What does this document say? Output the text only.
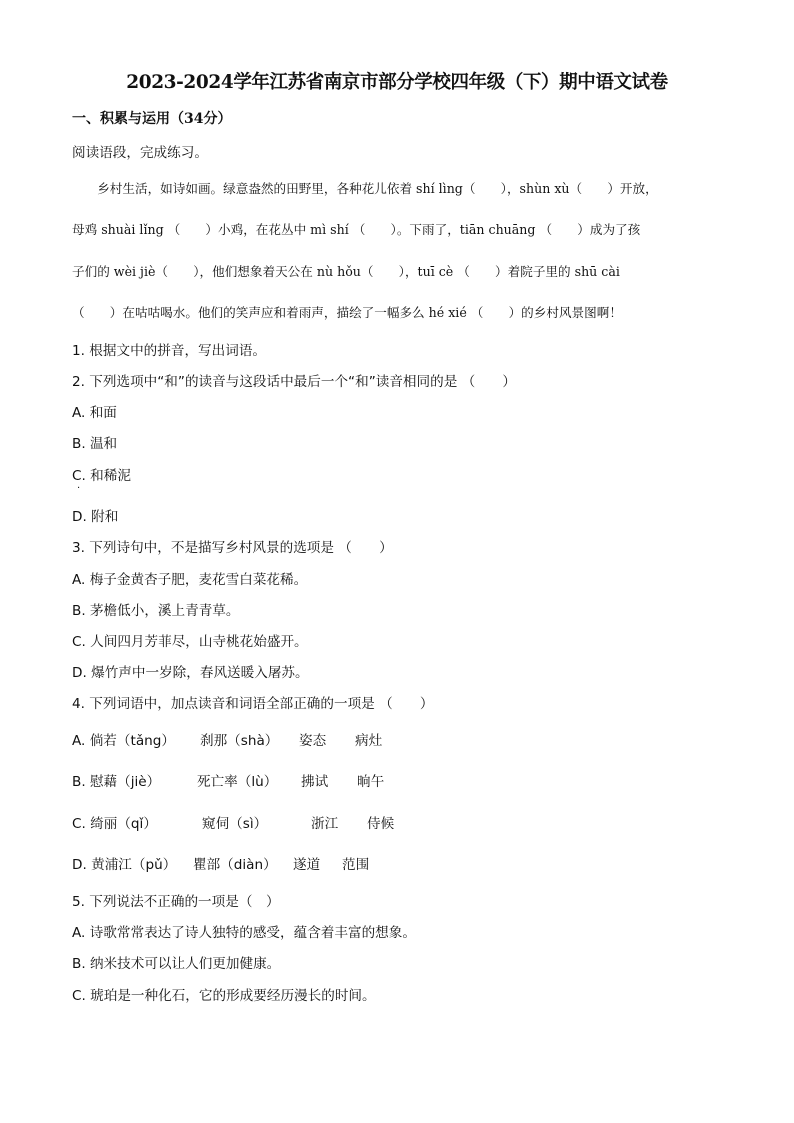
2023-2024学年江苏省南京市部分学校四年级（下）期中语文试卷
一、积累与运用（34分）
阅读语段，完成练习。
　　乡村生活，如诗如画。绿意盎然的田野里，各种花儿依着 shí lìng（　　），shùn xù（　　）开放，
母鸡 shuài lǐng （　　）小鸡，在花丛中 mì shí （　　）。下雨了，tiān chuāng （　　）成为了孩
子们的 wèi jiè（　　），他们想象着天公在 nù hǒu（　　），tuī cè （　　）着院子里的 shū cài
（　　）在咕咕喝水。他们的笑声应和着雨声，描绘了一幅多么 hé xié （　　）的乡村风景图啊！
1. 根据文中的拼音，写出词语。
2. 下列选项中“和”的读音与这段话中最后一个“和”读音相同的是 （　　）
A. 和面
B. 温和
C. 和稀泥
·
D. 附和
3. 下列诗句中，不是描写乡村风景的选项是 （　　）
A. 梅子金黄杏子肥，麦花雪白菜花稀。
B. 茅檐低小，溪上青青草。
C. 人间四月芳菲尽，山寺桃花始盛开。
D. 爆竹声中一岁除，春风送暖入屠苏。
4. 下列词语中，加点读音和词语全部正确的一项是 （　　）
A. 倘若（tǎng） 刹那（shà） 姿态 病灶
B. 慰藉（jiè）	死亡率（lù） 拂试 晌午
C. 绮丽（qǐ）	窥伺（sì）	浙江 侍候
D. 黄浦江（pǔ） 瞿部（diàn） 遂道 范围
5. 下列说法不正确的一项是（　）
A. 诗歌常常表达了诗人独特的感受，蕴含着丰富的想象。
B. 纳米技术可以让人们更加健康。
C. 琥珀是一种化石，它的形成要经历漫长的时间。
